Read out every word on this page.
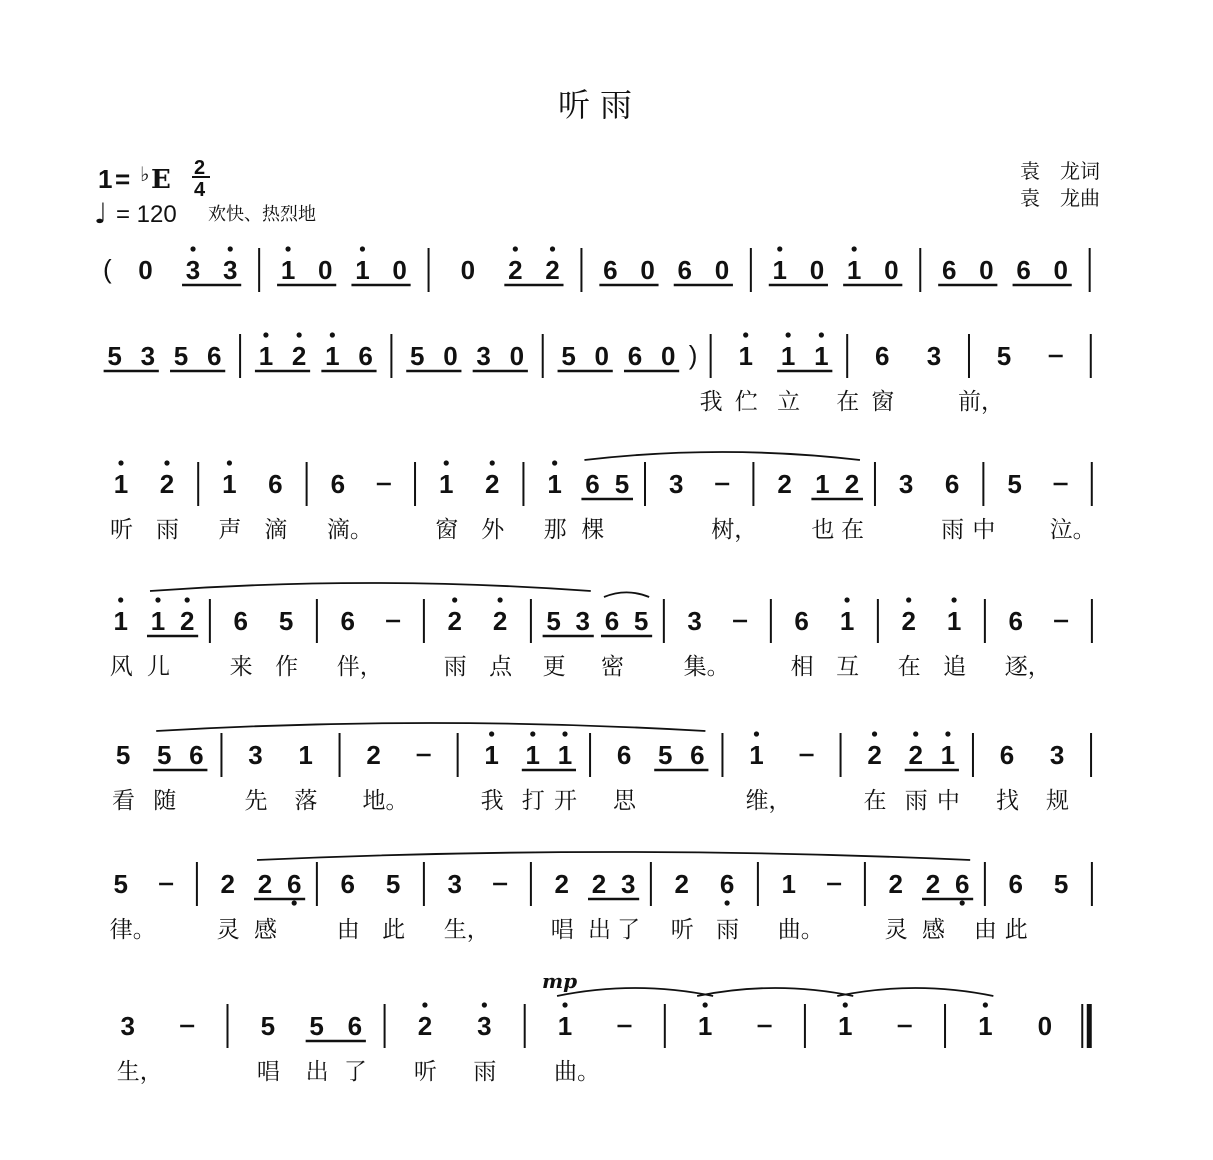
听雨
1 = ♭ E 2
4
♩ = 120 欢快、热烈地
袁　龙词
袁　龙曲
mp
( 0 3 3 1 0 1 0 0 2 2 6 0 6 0 1 0 1 0 6 0 6 0
5 3 5 6 1 2 1 6 5 0 3 0 5 0 6 0 ) 1 1 1 6 3 5
我 伫 立 在 窗	前，
1 2 1 6 6	1 2 1 6 5 3	2 1 2 3 6 5
听 雨 声 滴 滴。	窗 外 那 棵	树， 也 在	雨 中 泣。
1 1 2 6 5 6	2 2 5 3 6 5 3	6 1 2 1 6
风 儿	来 作 伴，	雨 点 更 密	集。	相 互 在 追 逐，
5 5 6 3 1 2	1 1 1 6 5 6 1	2 2 1 6 3
看 随	先 落 地。	我 打 开 思	维，	在 雨 中 找 规
5	2 2 6 6 5 3	2 2 3 2 6 1	2 2 6 6 5
律。	灵 感	由 此 生，	唱 出 了 听 雨 曲。	灵 感 由 此
3	5 5 6 2 3	1	1	1	1 0
生，	唱 出 了 听 雨	曲。
